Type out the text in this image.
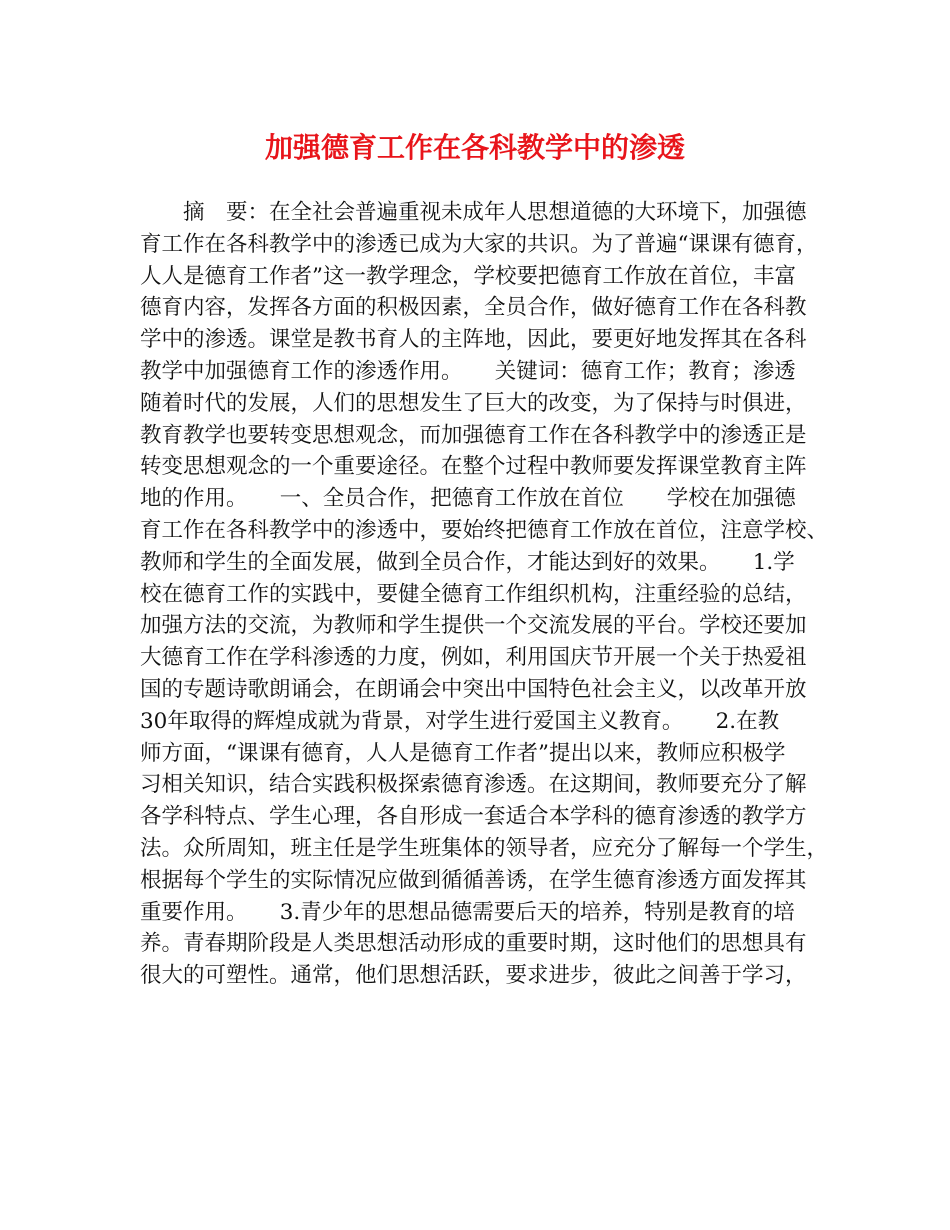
加强德育工作在各科教学中的渗透
　　摘　要：在全社会普遍重视未成年人思想道德的大环境下，加强德
育工作在各科教学中的渗透已成为大家的共识。为了普遍“课课有德育，
人人是德育工作者”这一教学理念，学校要把德育工作放在首位，丰富
德育内容，发挥各方面的积极因素，全员合作，做好德育工作在各科教
学中的渗透。课堂是教书育人的主阵地，因此，要更好地发挥其在各科
教学中加强德育工作的渗透作用。　　关键词：德育工作；教育；渗透
随着时代的发展，人们的思想发生了巨大的改变，为了保持与时俱进，
教育教学也要转变思想观念，而加强德育工作在各科教学中的渗透正是
转变思想观念的一个重要途径。在整个过程中教师要发挥课堂教育主阵
地的作用。　　一、全员合作，把德育工作放在首位　　学校在加强德
育工作在各科教学中的渗透中，要始终把德育工作放在首位，注意学校、
教师和学生的全面发展，做到全员合作，才能达到好的效果。　　1.学
校在德育工作的实践中，要健全德育工作组织机构，注重经验的总结，
加强方法的交流，为教师和学生提供一个交流发展的平台。学校还要加
大德育工作在学科渗透的力度，例如，利用国庆节开展一个关于热爱祖
国的专题诗歌朗诵会，在朗诵会中突出中国特色社会主义，以改革开放
30年取得的辉煌成就为背景，对学生进行爱国主义教育。　　2.在教
师方面，“课课有德育，人人是德育工作者”提出以来，教师应积极学
习相关知识，结合实践积极探索德育渗透。在这期间，教师要充分了解
各学科特点、学生心理，各自形成一套适合本学科的德育渗透的教学方
法。众所周知，班主任是学生班集体的领导者，应充分了解每一个学生，
根据每个学生的实际情况应做到循循善诱，在学生德育渗透方面发挥其
重要作用。　　3.青少年的思想品德需要后天的培养，特别是教育的培
养。青春期阶段是人类思想活动形成的重要时期，这时他们的思想具有
很大的可塑性。通常，他们思想活跃，要求进步，彼此之间善于学习，
